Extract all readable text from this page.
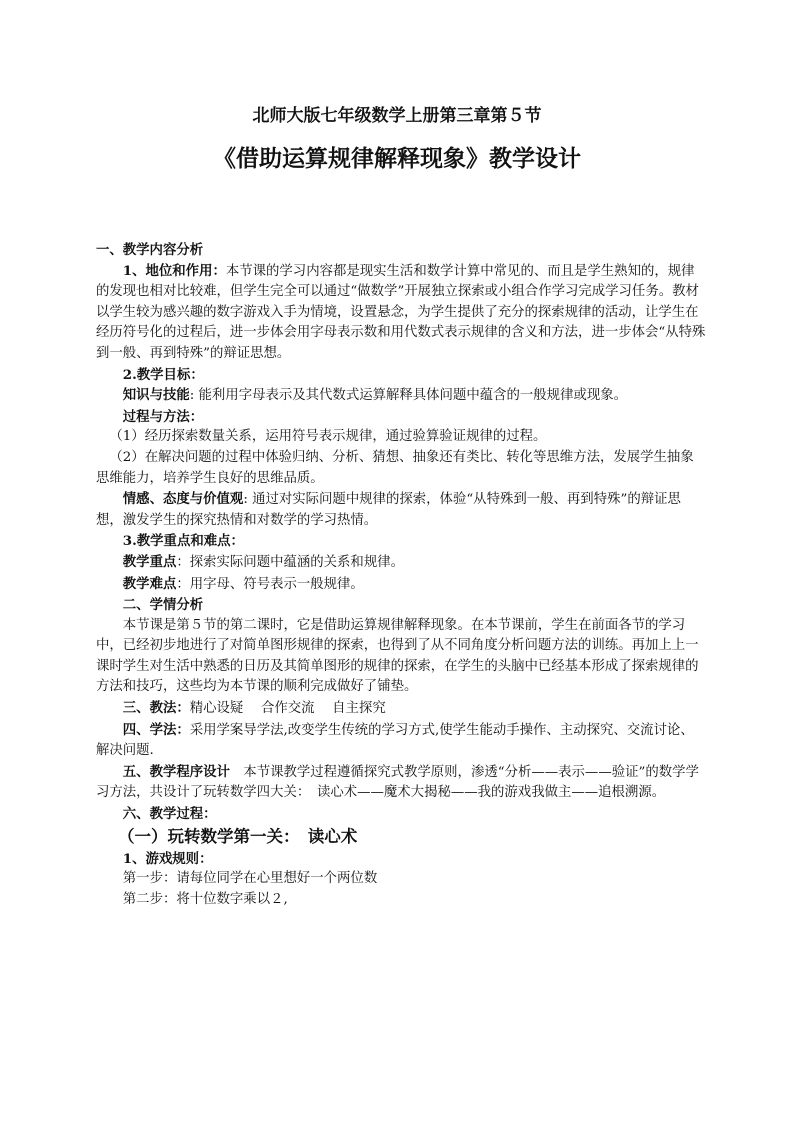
北师大版七年级数学上册第三章第５节
《借助运算规律解释现象》教学设计

一、教学内容分析

1、地位和作用：本节课的学习内容都是现实生活和数学计算中常见的、而且是学生熟知的，规律的发现也相对比较难，但学生完全可以通过“做数学”开展独立探索或小组合作学习完成学习任务。教材以学生较为感兴趣的数字游戏入手为情境，设置悬念，为学生提供了充分的探索规律的活动，让学生在经历符号化的过程后，进一步体会用字母表示数和用代数式表示规律的含义和方法，进一步体会“从特殊到一般、再到特殊”的辩证思想。

2.教学目标：

知识与技能: 能利用字母表示及其代数式运算解释具体问题中蕴含的一般规律或现象。

过程与方法：

（1）经历探索数量关系，运用符号表示规律，通过验算验证规律的过程。

（2）在解决问题的过程中体验归纳、分析、猜想、抽象还有类比、转化等思维方法，发展学生抽象思维能力，培养学生良好的思维品质。

情感、态度与价值观: 通过对实际问题中规律的探索，体验“从特殊到一般、再到特殊”的辩证思想，激发学生的探究热情和对数学的学习热情。

3.教学重点和难点：

教学重点：探索实际问题中蕴涵的关系和规律。

教学难点：用字母、符号表示一般规律。

二、学情分析

本节课是第５节的第二课时，它是借助运算规律解释现象。在本节课前，学生在前面各节的学习中，已经初步地进行了对简单图形规律的探索，也得到了从不同角度分析问题方法的训练。再加上上一课时学生对生活中熟悉的日历及其简单图形的规律的探索，在学生的头脑中已经基本形成了探索规律的方法和技巧，这些均为本节课的顺利完成做好了铺垫。

三、教法：精心设疑　 合作交流　 自主探究

四、学法：采用学案导学法,改变学生传统的学习方式,使学生能动手操作、主动探究、交流讨论、解决问题.

五、教学程序设计　本节课教学过程遵循探究式教学原则，渗透“分析——表示——验证”的数学学习方法，共设计了玩转数学四大关：　读心术——魔术大揭秘——我的游戏我做主——追根溯源。

六、教学过程：

（一）玩转数学第一关：　读心术

1、游戏规则：

第一步：请每位同学在心里想好一个两位数

第二步：将十位数字乘以２,
